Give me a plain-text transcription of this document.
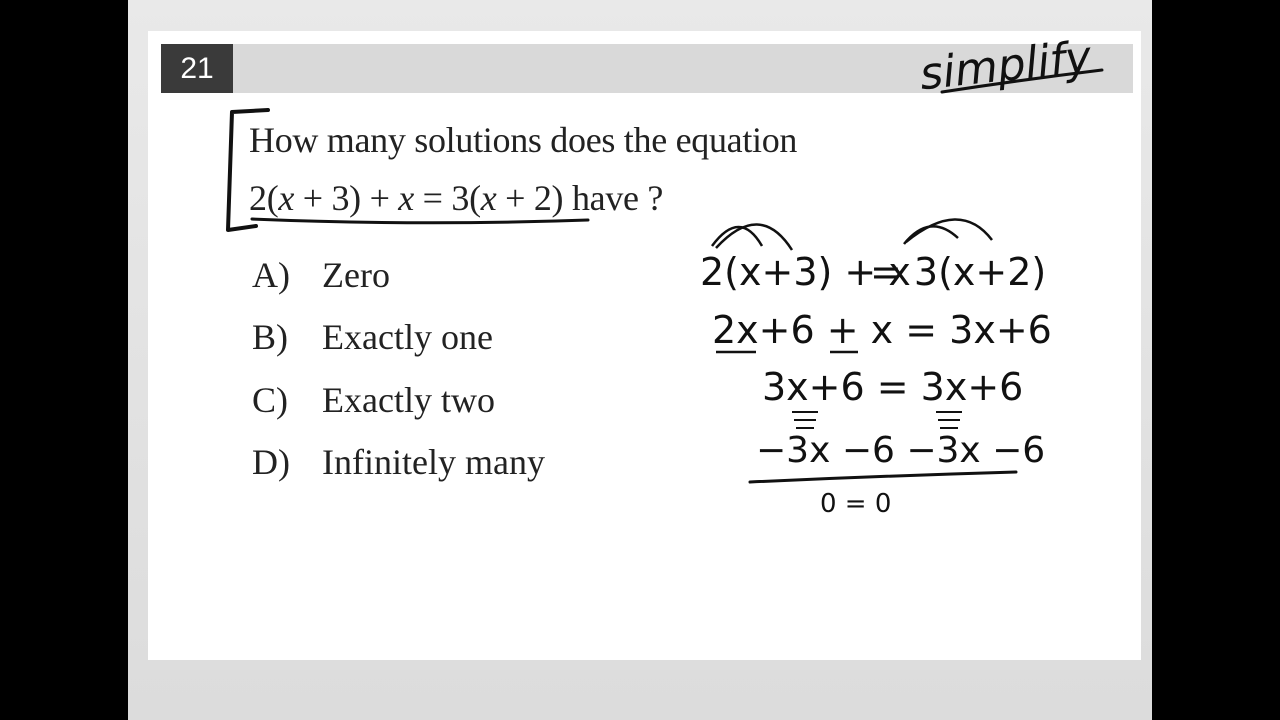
21
How many solutions does the equation
2(x + 3) + x = 3(x + 2) have ?
A) Zero
B) Exactly one
C) Exactly two
D) Infinitely many
simplify
2(x+3) + x
= 3(x+2)
2x+6 + x = 3x+6
3x+6 = 3x+6
−3x −6 −3x −6
0 = 0
